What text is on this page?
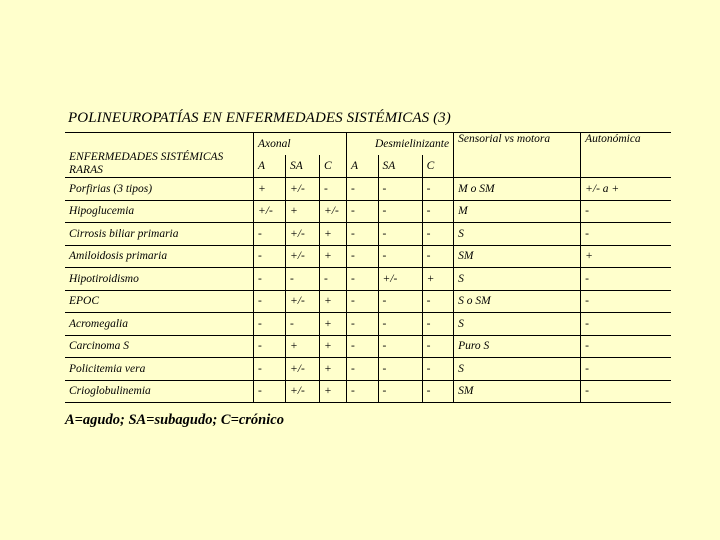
POLINEUROPATÍAS EN ENFERMEDADES SISTÉMICAS (3)
ENFERMEDADES SISTÉMICAS RARAS	Axonal			Desmielinizante			Sensorial vs motora	Autonómica
	A	SA	C	A	SA	C		
Porfirias (3 tipos)	+	+/-	-	-	-	-	M o SM	+/- a +
Hipoglucemia	+/-	+	+/-	-	-	-	M	-
Cirrosis biliar primaria	-	+/-	+	-	-	-	S	-
Amiloidosis primaria	-	+/-	+	-	-	-	SM	+
Hipotiroidismo	-	-	-	-	+/-	+	S	-
EPOC	-	+/-	+	-	-	-	S o SM	-
Acromegalia	-	-	+	-	-	-	S	-
Carcinoma S	-	+	+	-	-	-	Puro S	-
Policitemia vera	-	+/-	+	-	-	-	S	-
Crioglobulinemia	-	+/-	+	-	-	-	SM	-
A=agudo; SA=subagudo; C=crónico
